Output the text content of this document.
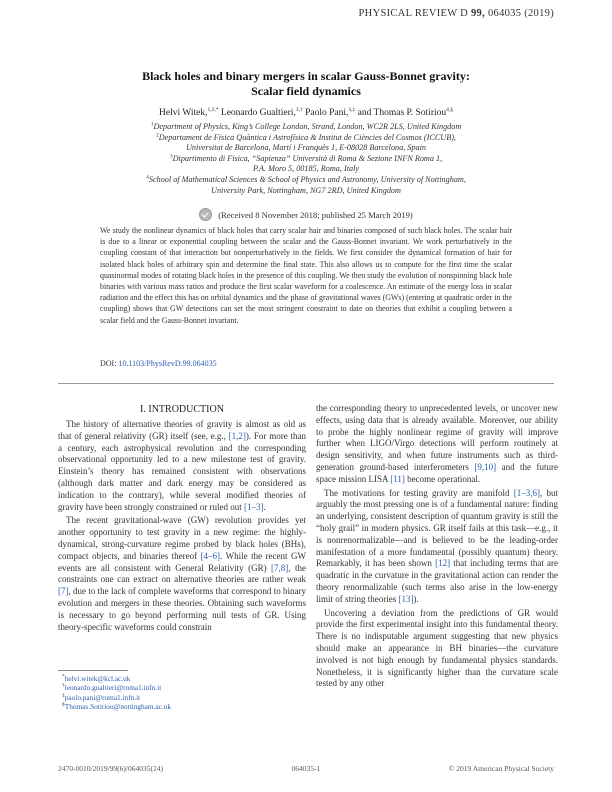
PHYSICAL REVIEW D 99, 064035 (2019)
Black holes and binary mergers in scalar Gauss-Bonnet gravity:
Scalar field dynamics
Helvi Witek,$^{1,2,*}$ Leonardo Gualtieri,$^{3,\dagger}$ Paolo Pani,$^{3,\ddagger}$ and Thomas P. Sotiriou$^{4,\S}$
$^1$Department of Physics, King’s College London, Strand, London, WC2R 2LS, United Kingdom
$^2$Departament de Física Quàntica i Astrofísica & Institut de Ciències del Cosmos (ICCUB),
Universitat de Barcelona, Martí i Franquès 1, E-08028 Barcelona, Spain
$^3$Dipartimento di Fisica, “Sapienza” Università di Roma & Sezione INFN Roma 1,
P.A. Moro 5, 00185, Roma, Italy
$^4$School of Mathematical Sciences & School of Physics and Astronomy, University of Nottingham,
University Park, Nottingham, NG7 2RD, United Kingdom
(Received 8 November 2018; published 25 March 2019)
We study the nonlinear dynamics of black holes that carry scalar hair and binaries composed of such black holes. The scalar hair is due to a linear or exponential coupling between the scalar and the Gauss-Bonnet invariant. We work perturbatively in the coupling constant of that interaction but nonperturbatively in the fields. We first consider the dynamical formation of hair for isolated black holes of arbitrary spin and determine the final state. This also allows us to compute for the first time the scalar quasinormal modes of rotating black holes in the presence of this coupling. We then study the evolution of nonspinning black hole binaries with various mass ratios and produce the first scalar waveform for a coalescence. An estimate of the energy loss in scalar radiation and the effect this has on orbital dynamics and the phase of gravitational waves (GWs) (entering at quadratic order in the coupling) shows that GW detections can set the most stringent constraint to date on theories that exhibit a coupling between a scalar field and the Gauss-Bonnet invariant.
DOI: 10.1103/PhysRevD.99.064035
I. INTRODUCTION

The history of alternative theories of gravity is almost as old as that of general relativity (GR) itself (see, e.g., [1,2]). For more than a century, each astrophysical revolution and the corresponding observational opportunity led to a new milestone test of gravity. Einstein’s theory has remained consistent with observations (although dark matter and dark energy may be considered as indication to the contrary), while several modified theories of gravity have been strongly constrained or ruled out [1–3].

The recent gravitational-wave (GW) revolution provides yet another opportunity to test gravity in a new regime: the highly-dynamical, strong-curvature regime probed by black holes (BHs), compact objects, and binaries thereof [4–6]. While the recent GW events are all consistent with General Relativity (GR) [7,8], the constraints one can extract on alternative theories are rather weak [7], due to the lack of complete waveforms that correspond to binary evolution and mergers in these theories. Obtaining such waveforms is necessary to go beyond performing null tests of GR. Using theory-specific waveforms could constrain

the corresponding theory to unprecedented levels, or uncover new effects, using data that is already available. Moreover, our ability to probe the highly nonlinear regime of gravity will improve further when LIGO/Virgo detections will perform routinely at design sensitivity, and when future instruments such as third-generation ground-based interferometers [9,10] and the future space mission LISA [11] become operational.

The motivations for testing gravity are manifold [1–3,6], but arguably the most pressing one is of a fundamental nature: finding an underlying, consistent description of quantum gravity is still the “holy grail” in modern physics. GR itself fails at this task—e.g., it is nonrenormalizable—and is believed to be the leading-order manifestation of a more fundamental (possibly quantum) theory. Remarkably, it has been shown [12] that including terms that are quadratic in the curvature in the gravitational action can render the theory renormalizable (such terms also arise in the low-energy limit of string theories [13]).

Uncovering a deviation from the predictions of GR would provide the first experimental insight into this fundamental theory. There is no indisputable argument suggesting that new physics should make an appearance in BH binaries—the curvature involved is not high enough by fundamental physics standards. Nonetheless, it is significantly higher than the curvature scale tested by any other

*helvi.witek@kcl.ac.uk
†leonardo.gualtieri@roma1.infn.it
‡paolo.pani@roma1.infn.it
§Thomas.Sotiriou@nottingham.ac.uk
2470-0010/2019/99(6)/064035(24)	064035-1	© 2019 American Physical Society
